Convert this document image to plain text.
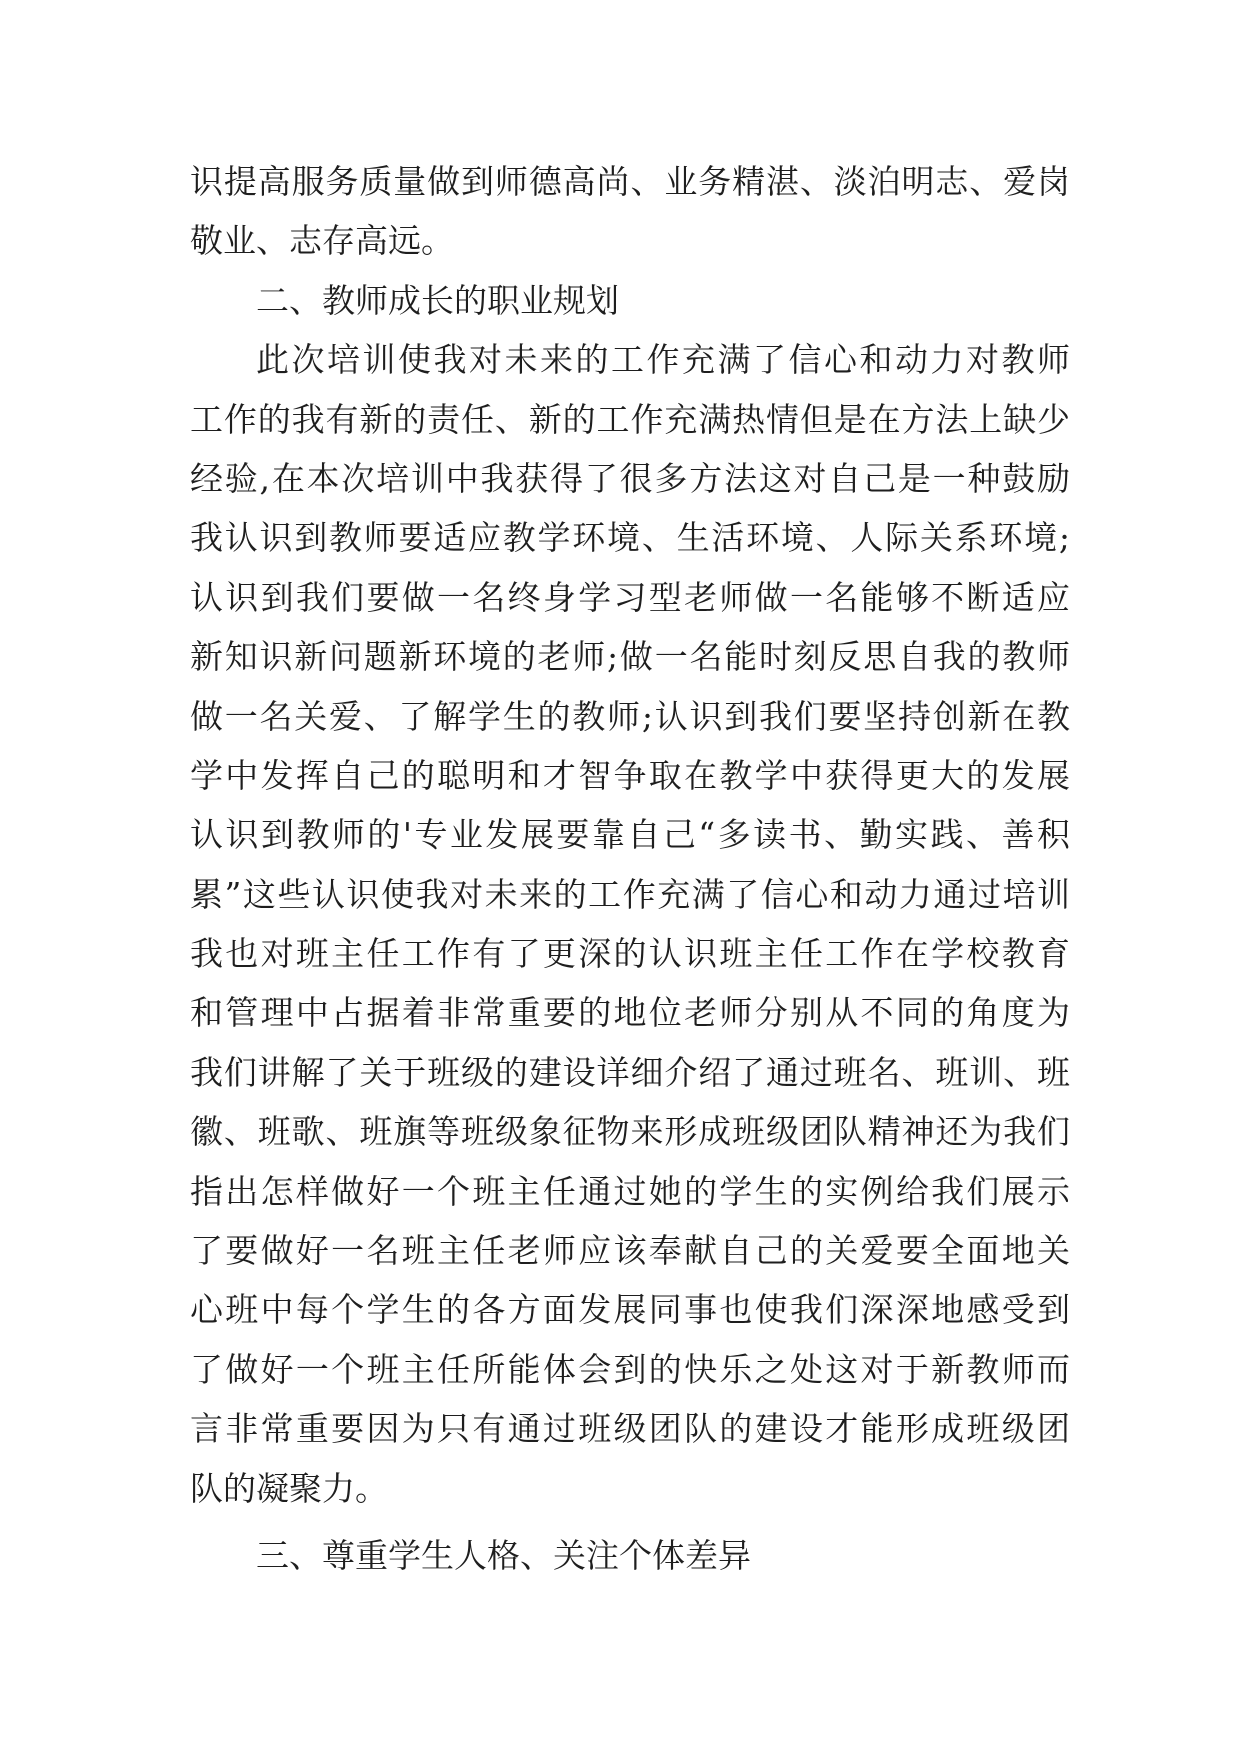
识提高服务质量做到师德高尚、业务精湛、淡泊明志、爱岗
敬业、志存高远。
二、教师成长的职业规划
此次培训使我对未来的工作充满了信心和动力对教师
工作的我有新的责任、新的工作充满热情但是在方法上缺少
经验,在本次培训中我获得了很多方法这对自己是一种鼓励
我认识到教师要适应教学环境、生活环境、人际关系环境;
认识到我们要做一名终身学习型老师做一名能够不断适应
新知识新问题新环境的老师;做一名能时刻反思自我的教师
做一名关爱、了解学生的教师;认识到我们要坚持创新在教
学中发挥自己的聪明和才智争取在教学中获得更大的发展
认识到教师的'专业发展要靠自己“多读书、勤实践、善积
累”这些认识使我对未来的工作充满了信心和动力通过培训
我也对班主任工作有了更深的认识班主任工作在学校教育
和管理中占据着非常重要的地位老师分别从不同的角度为
我们讲解了关于班级的建设详细介绍了通过班名、班训、班
徽、班歌、班旗等班级象征物来形成班级团队精神还为我们
指出怎样做好一个班主任通过她的学生的实例给我们展示
了要做好一名班主任老师应该奉献自己的关爱要全面地关
心班中每个学生的各方面发展同事也使我们深深地感受到
了做好一个班主任所能体会到的快乐之处这对于新教师而
言非常重要因为只有通过班级团队的建设才能形成班级团
队的凝聚力。
三、尊重学生人格、关注个体差异
